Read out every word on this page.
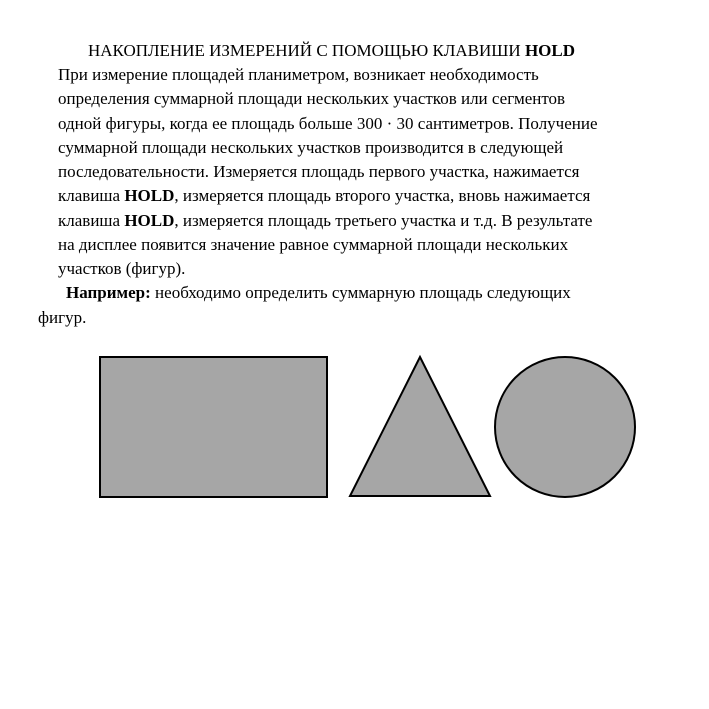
НАКОПЛЕНИЕ ИЗМЕРЕНИЙ С ПОМОЩЬЮ КЛАВИШИ HOLD
При измерение площадей планиметром, возникает необходимость
определения суммарной площади нескольких участков или сегментов
одной фигуры, когда ее площадь больше 300 · 30 сантиметров. Получение
суммарной площади нескольких участков производится в следующей
последовательности. Измеряется площадь первого участка, нажимается
клавиша HOLD, измеряется площадь второго участка, вновь нажимается
клавиша HOLD, измеряется площадь третьего участка и т.д. В результате
на дисплее появится значение равное суммарной площади нескольких
участков (фигур).
Например: необходимо определить суммарную площадь следующих
фигур.
